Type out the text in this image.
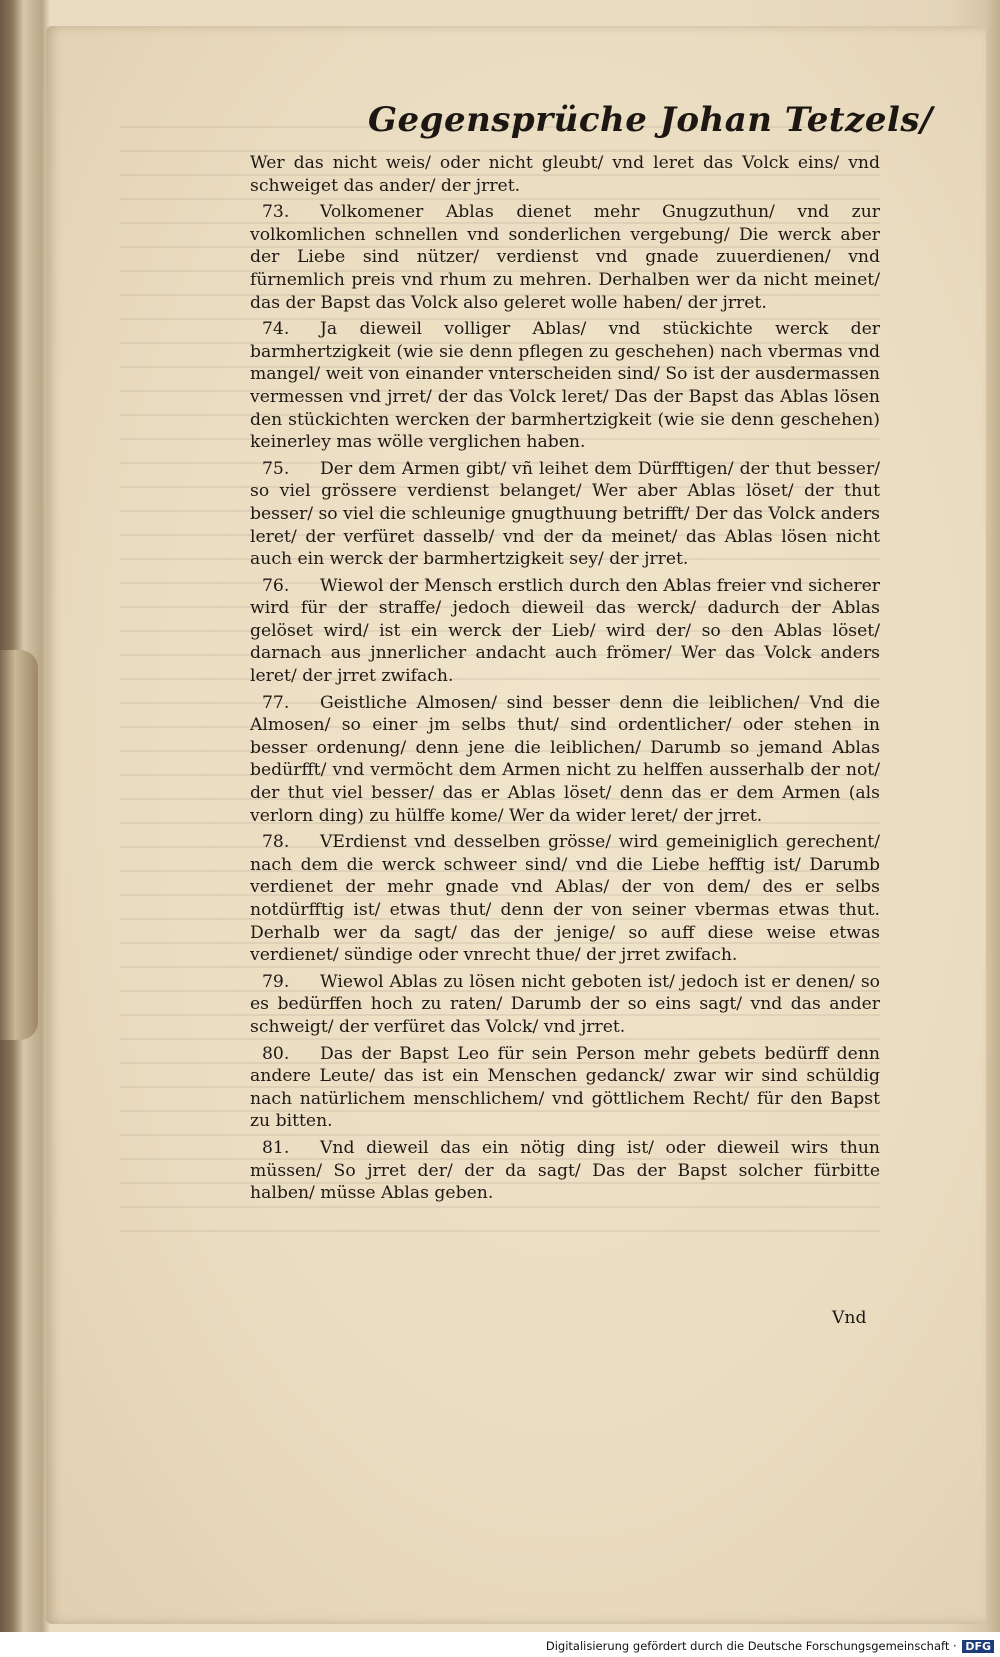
Gegensprüche Johan Tetzels/

Wer das nicht weis/ oder nicht gleubt/ vnd leret das Volck eins/ vnd schweiget das ander/ der jrret.

73. Volkomener Ablas dienet mehr Gnugzuthun/ vnd zur volkomlichen schnellen vnd sonderlichen vergebung/ Die werck aber der Liebe sind nützer/ verdienst vnd gnade zuuerdienen/ vnd fürnemlich preis vnd rhum zu mehren. Derhalben wer da nicht meinet/ das der Bapst das Volck also geleret wolle haben/ der jrret.

74. Ja dieweil volliger Ablas/ vnd stückichte werck der barmhertzigkeit (wie sie denn pflegen zu geschehen) nach vbermas vnd mangel/ weit von einander vnterscheiden sind/ So ist der ausdermassen vermessen vnd jrret/ der das Volck leret/ Das der Bapst das Ablas lösen den stückichten wercken der barmhertzigkeit (wie sie denn geschehen) keinerley mas wölle verglichen haben.

75. Der dem Armen gibt/ vñ leihet dem Dürfftigen/ der thut besser/ so viel grössere verdienst belanget/ Wer aber Ablas löset/ der thut besser/ so viel die schleunige gnugthuung betrifft/ Der das Volck anders leret/ der verfüret dasselb/ vnd der da meinet/ das Ablas lösen nicht auch ein werck der barmhertzigkeit sey/ der jrret.

76. Wiewol der Mensch erstlich durch den Ablas freier vnd sicherer wird für der straffe/ jedoch dieweil das werck/ dadurch der Ablas gelöset wird/ ist ein werck der Lieb/ wird der/ so den Ablas löset/ darnach aus jnnerlicher andacht auch frömer/ Wer das Volck anders leret/ der jrret zwifach.

77. Geistliche Almosen/ sind besser denn die leiblichen/ Vnd die Almosen/ so einer jm selbs thut/ sind ordentlicher/ oder stehen in besser ordenung/ denn jene die leiblichen/ Darumb so jemand Ablas bedürfft/ vnd vermöcht dem Armen nicht zu helffen ausserhalb der not/ der thut viel besser/ das er Ablas löset/ denn das er dem Armen (als verlorn ding) zu hülffe kome/ Wer da wider leret/ der jrret.

78. VErdienst vnd desselben grösse/ wird gemeiniglich gerechent/ nach dem die werck schweer sind/ vnd die Liebe hefftig ist/ Darumb verdienet der mehr gnade vnd Ablas/ der von dem/ des er selbs notdürfftig ist/ etwas thut/ denn der von seiner vbermas etwas thut. Derhalb wer da sagt/ das der jenige/ so auff diese weise etwas verdienet/ sündige oder vnrecht thue/ der jrret zwifach.

79. Wiewol Ablas zu lösen nicht geboten ist/ jedoch ist er denen/ so es bedürffen hoch zu raten/ Darumb der so eins sagt/ vnd das ander schweigt/ der verfüret das Volck/ vnd jrret.

80. Das der Bapst Leo für sein Person mehr gebets bedürff denn andere Leute/ das ist ein Menschen gedanck/ zwar wir sind schüldig nach natürlichem menschlichem/ vnd göttlichem Recht/ für den Bapst zu bitten.

81. Vnd dieweil das ein nötig ding ist/ oder dieweil wirs thun müssen/ So jrret der/ der da sagt/ Das der Bapst solcher fürbitte halben/ müsse Ablas geben.

Vnd
Digitalisierung gefördert durch die Deutsche Forschungsgemeinschaft · DFG
